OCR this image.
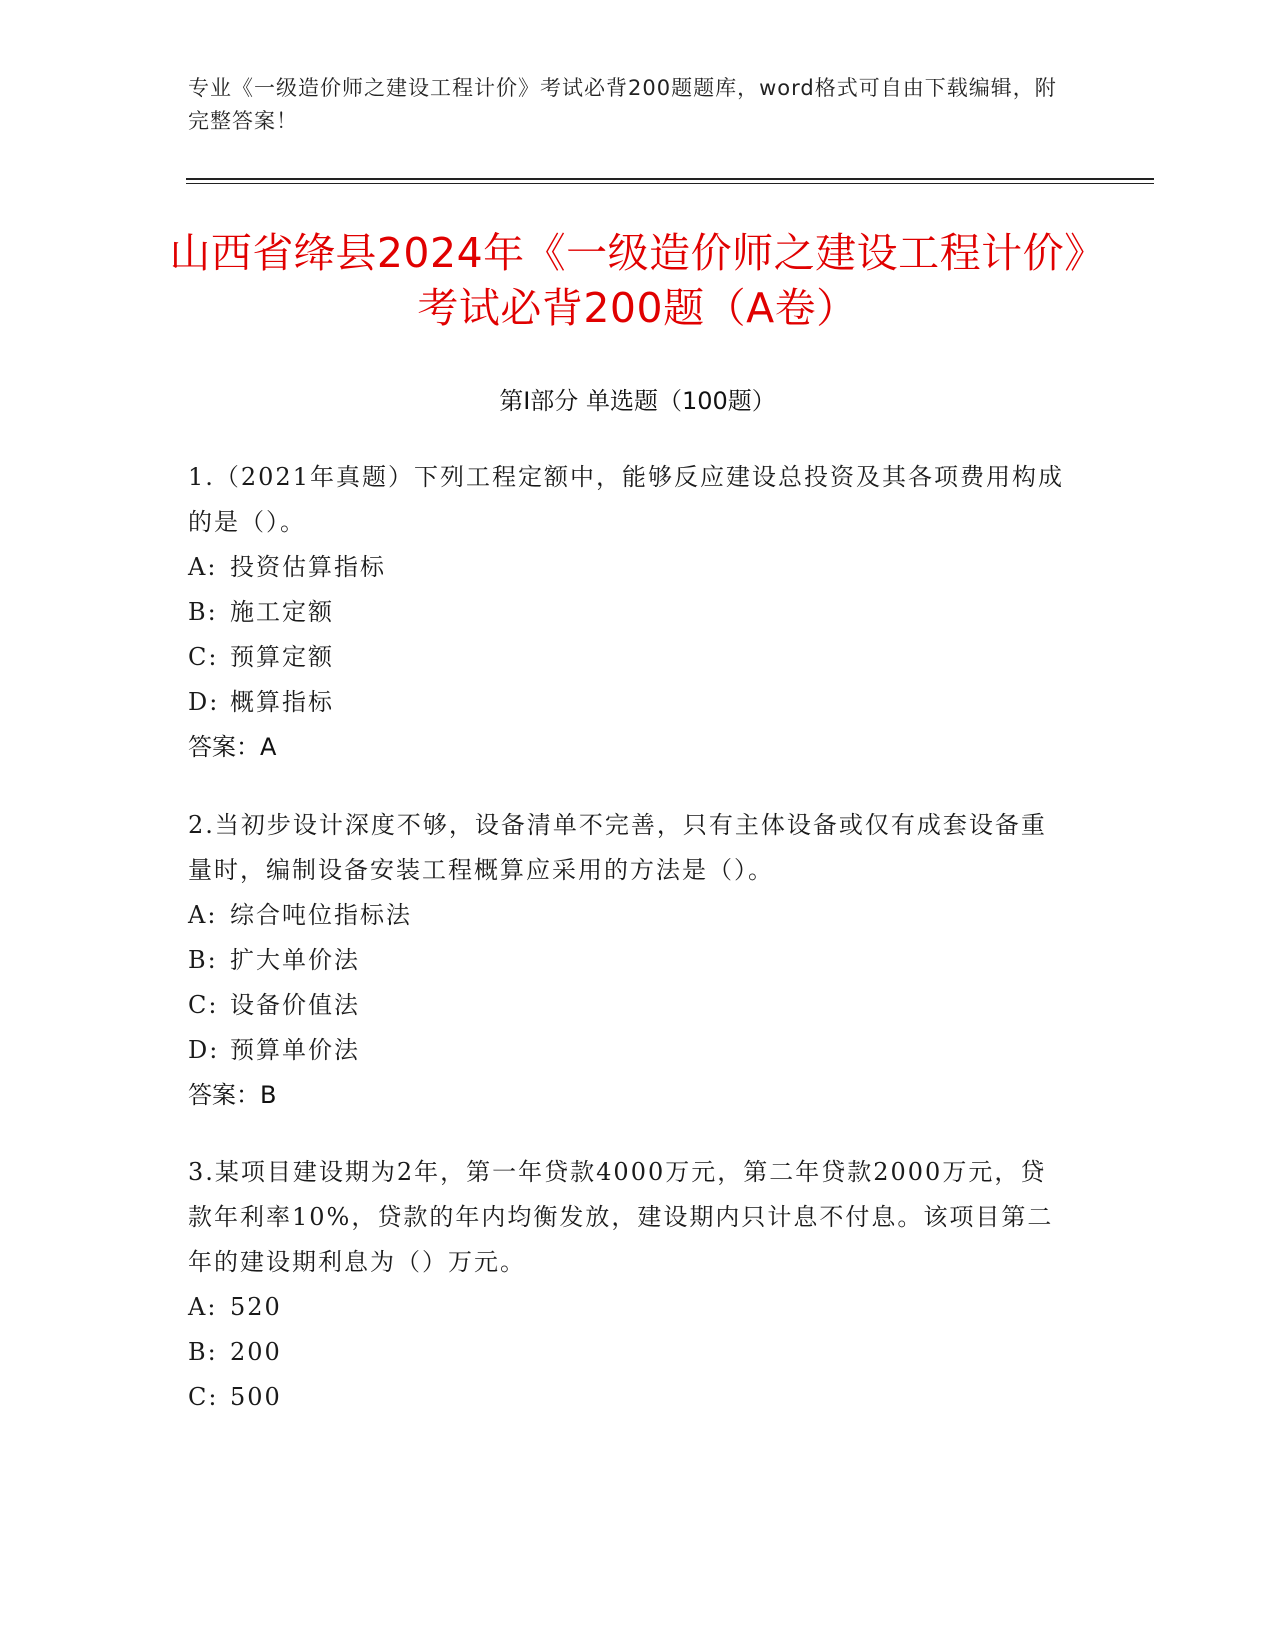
专业《一级造价师之建设工程计价》考试必背200题题库，word格式可自由下载编辑，附完整答案！
山西省绛县2024年《一级造价师之建设工程计价》考试必背200题（A卷）
第I部分 单选题（100题）

1.（2021年真题）下列工程定额中，能够反应建设总投资及其各项费用构成的是（）。

A: 投资估算指标

B: 施工定额

C: 预算定额

D: 概算指标

答案：A

2.当初步设计深度不够，设备清单不完善，只有主体设备或仅有成套设备重量时，编制设备安装工程概算应采用的方法是（）。

A: 综合吨位指标法

B: 扩大单价法

C: 设备价值法

D: 预算单价法

答案：B

3.某项目建设期为2年，第一年贷款4000万元，第二年贷款2000万元，贷款年利率10%，贷款的年内均衡发放，建设期内只计息不付息。该项目第二年的建设期利息为（）万元。

A: 520

B: 200

C: 500
